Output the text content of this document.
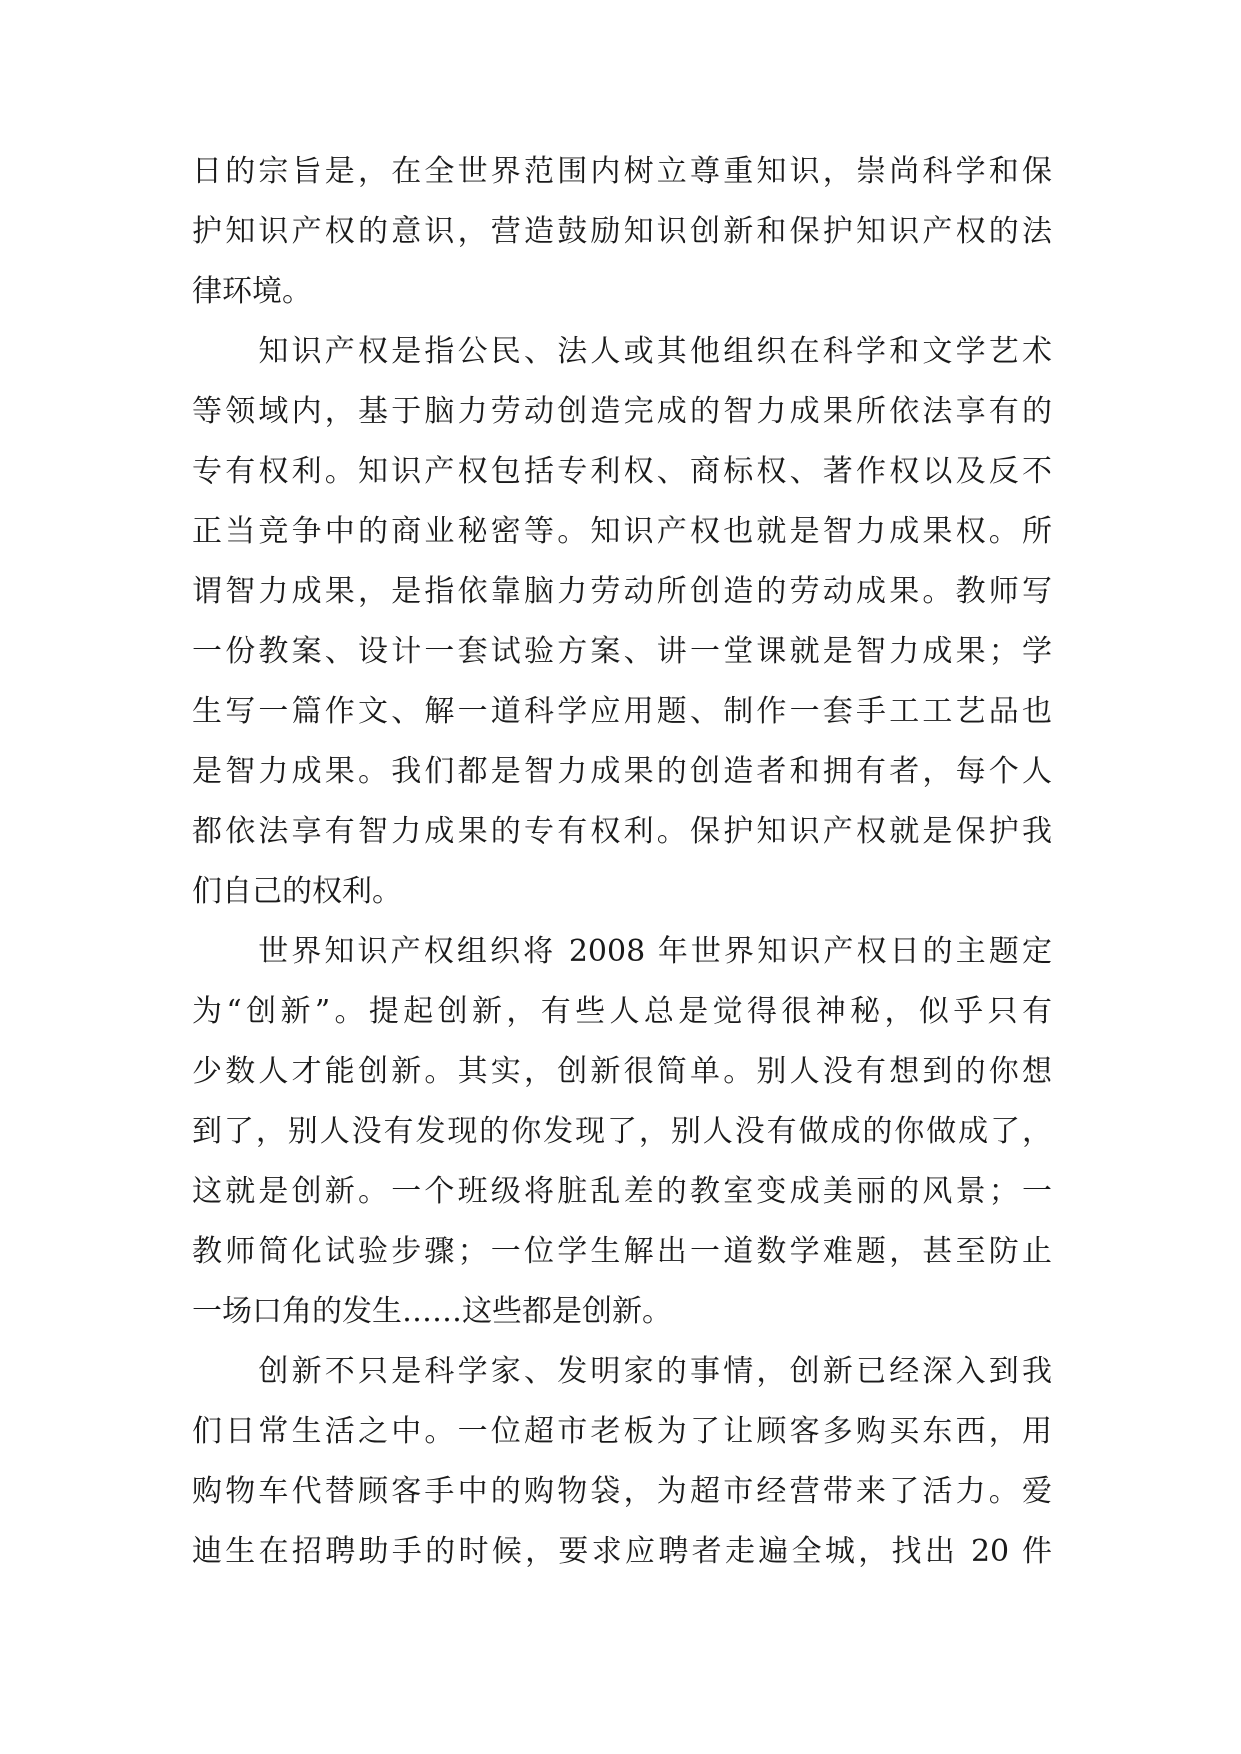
日的宗旨是，在全世界范围内树立尊重知识，崇尚科学和保
护知识产权的意识，营造鼓励知识创新和保护知识产权的法
律环境。
　　知识产权是指公民、法人或其他组织在科学和文学艺术
等领域内，基于脑力劳动创造完成的智力成果所依法享有的
专有权利。知识产权包括专利权、商标权、著作权以及反不
正当竞争中的商业秘密等。知识产权也就是智力成果权。所
谓智力成果，是指依靠脑力劳动所创造的劳动成果。教师写
一份教案、设计一套试验方案、讲一堂课就是智力成果；学
生写一篇作文、解一道科学应用题、制作一套手工工艺品也
是智力成果。我们都是智力成果的创造者和拥有者，每个人
都依法享有智力成果的专有权利。保护知识产权就是保护我
们自己的权利。
　　世界知识产权组织将 2008 年世界知识产权日的主题定
为“创新”。提起创新，有些人总是觉得很神秘，似乎只有
少数人才能创新。其实，创新很简单。别人没有想到的你想
到了，别人没有发现的你发现了，别人没有做成的你做成了，
这就是创新。一个班级将脏乱差的教室变成美丽的风景；一
教师简化试验步骤；一位学生解出一道数学难题，甚至防止
一场口角的发生……这些都是创新。
　　创新不只是科学家、发明家的事情，创新已经深入到我
们日常生活之中。一位超市老板为了让顾客多购买东西，用
购物车代替顾客手中的购物袋，为超市经营带来了活力。爱
迪生在招聘助手的时候，要求应聘者走遍全城，找出 20 件
